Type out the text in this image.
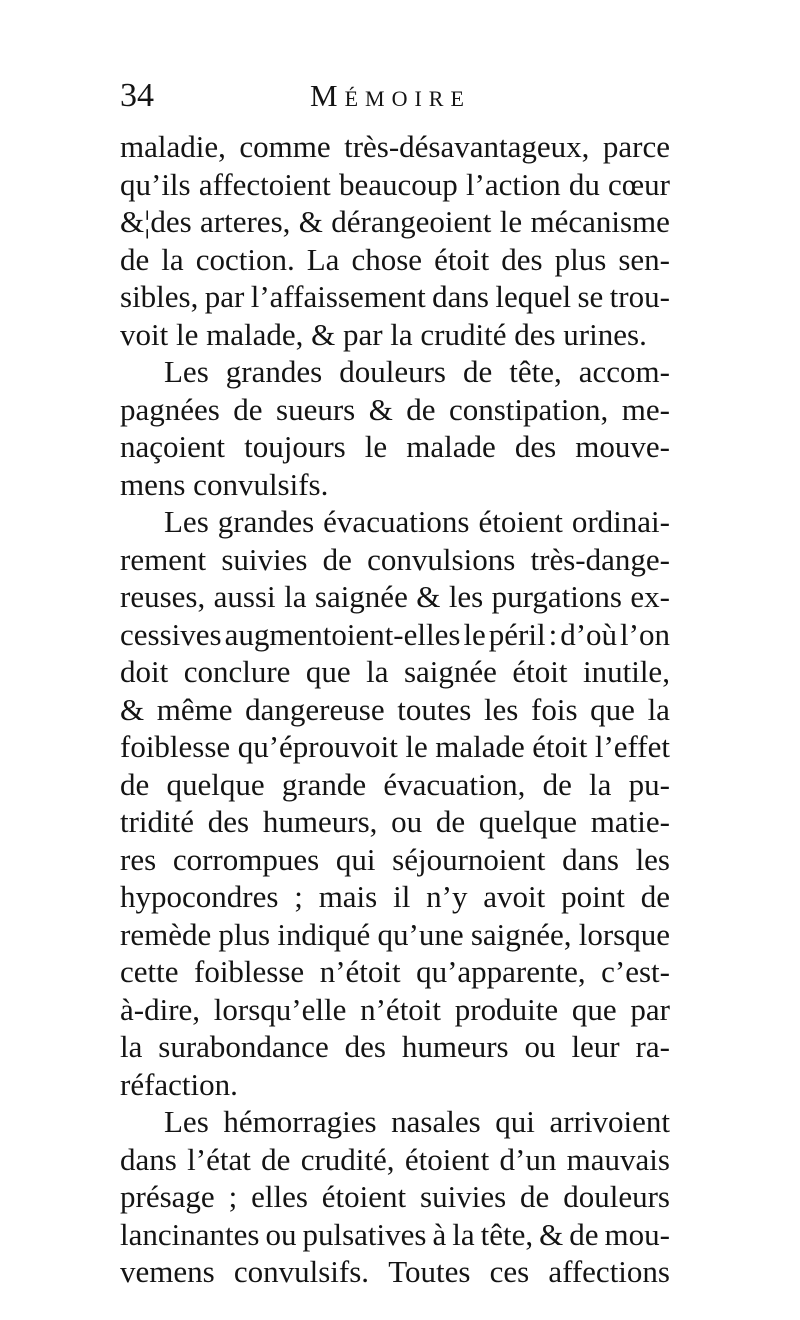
34	Mémoire
maladie, comme très-désavantageux, parce
qu’ils affectoient beaucoup l’action du cœur
&¦des arteres, & dérangeoient le mécanisme
de la coction. La chose étoit des plus sen-
sibles, par l’affaissement dans lequel se trou-
voit le malade, & par la crudité des urines.
Les grandes douleurs de tête, accom-
pagnées de sueurs & de constipation, me-
naçoient toujours le malade des mouve-
mens convulsifs.
Les grandes évacuations étoient ordinai-
rement suivies de convulsions très-dange-
reuses, aussi la saignée & les purgations ex-
cessives augmentoient-elles le péril : d’où l’on
doit conclure que la saignée étoit inutile,
& même dangereuse toutes les fois que la
foiblesse qu’éprouvoit le malade étoit l’effet
de quelque grande évacuation, de la pu-
tridité des humeurs, ou de quelque matie-
res corrompues qui séjournoient dans les
hypocondres ; mais il n’y avoit point de
remède plus indiqué qu’une saignée, lorsque
cette foiblesse n’étoit qu’apparente, c’est-
à-dire, lorsqu’elle n’étoit produite que par
la surabondance des humeurs ou leur ra-
réfaction.
Les hémorragies nasales qui arrivoient
dans l’état de crudité, étoient d’un mauvais
présage ; elles étoient suivies de douleurs
lancinantes ou pulsatives à la tête, & de mou-
vemens convulsifs. Toutes ces affections
